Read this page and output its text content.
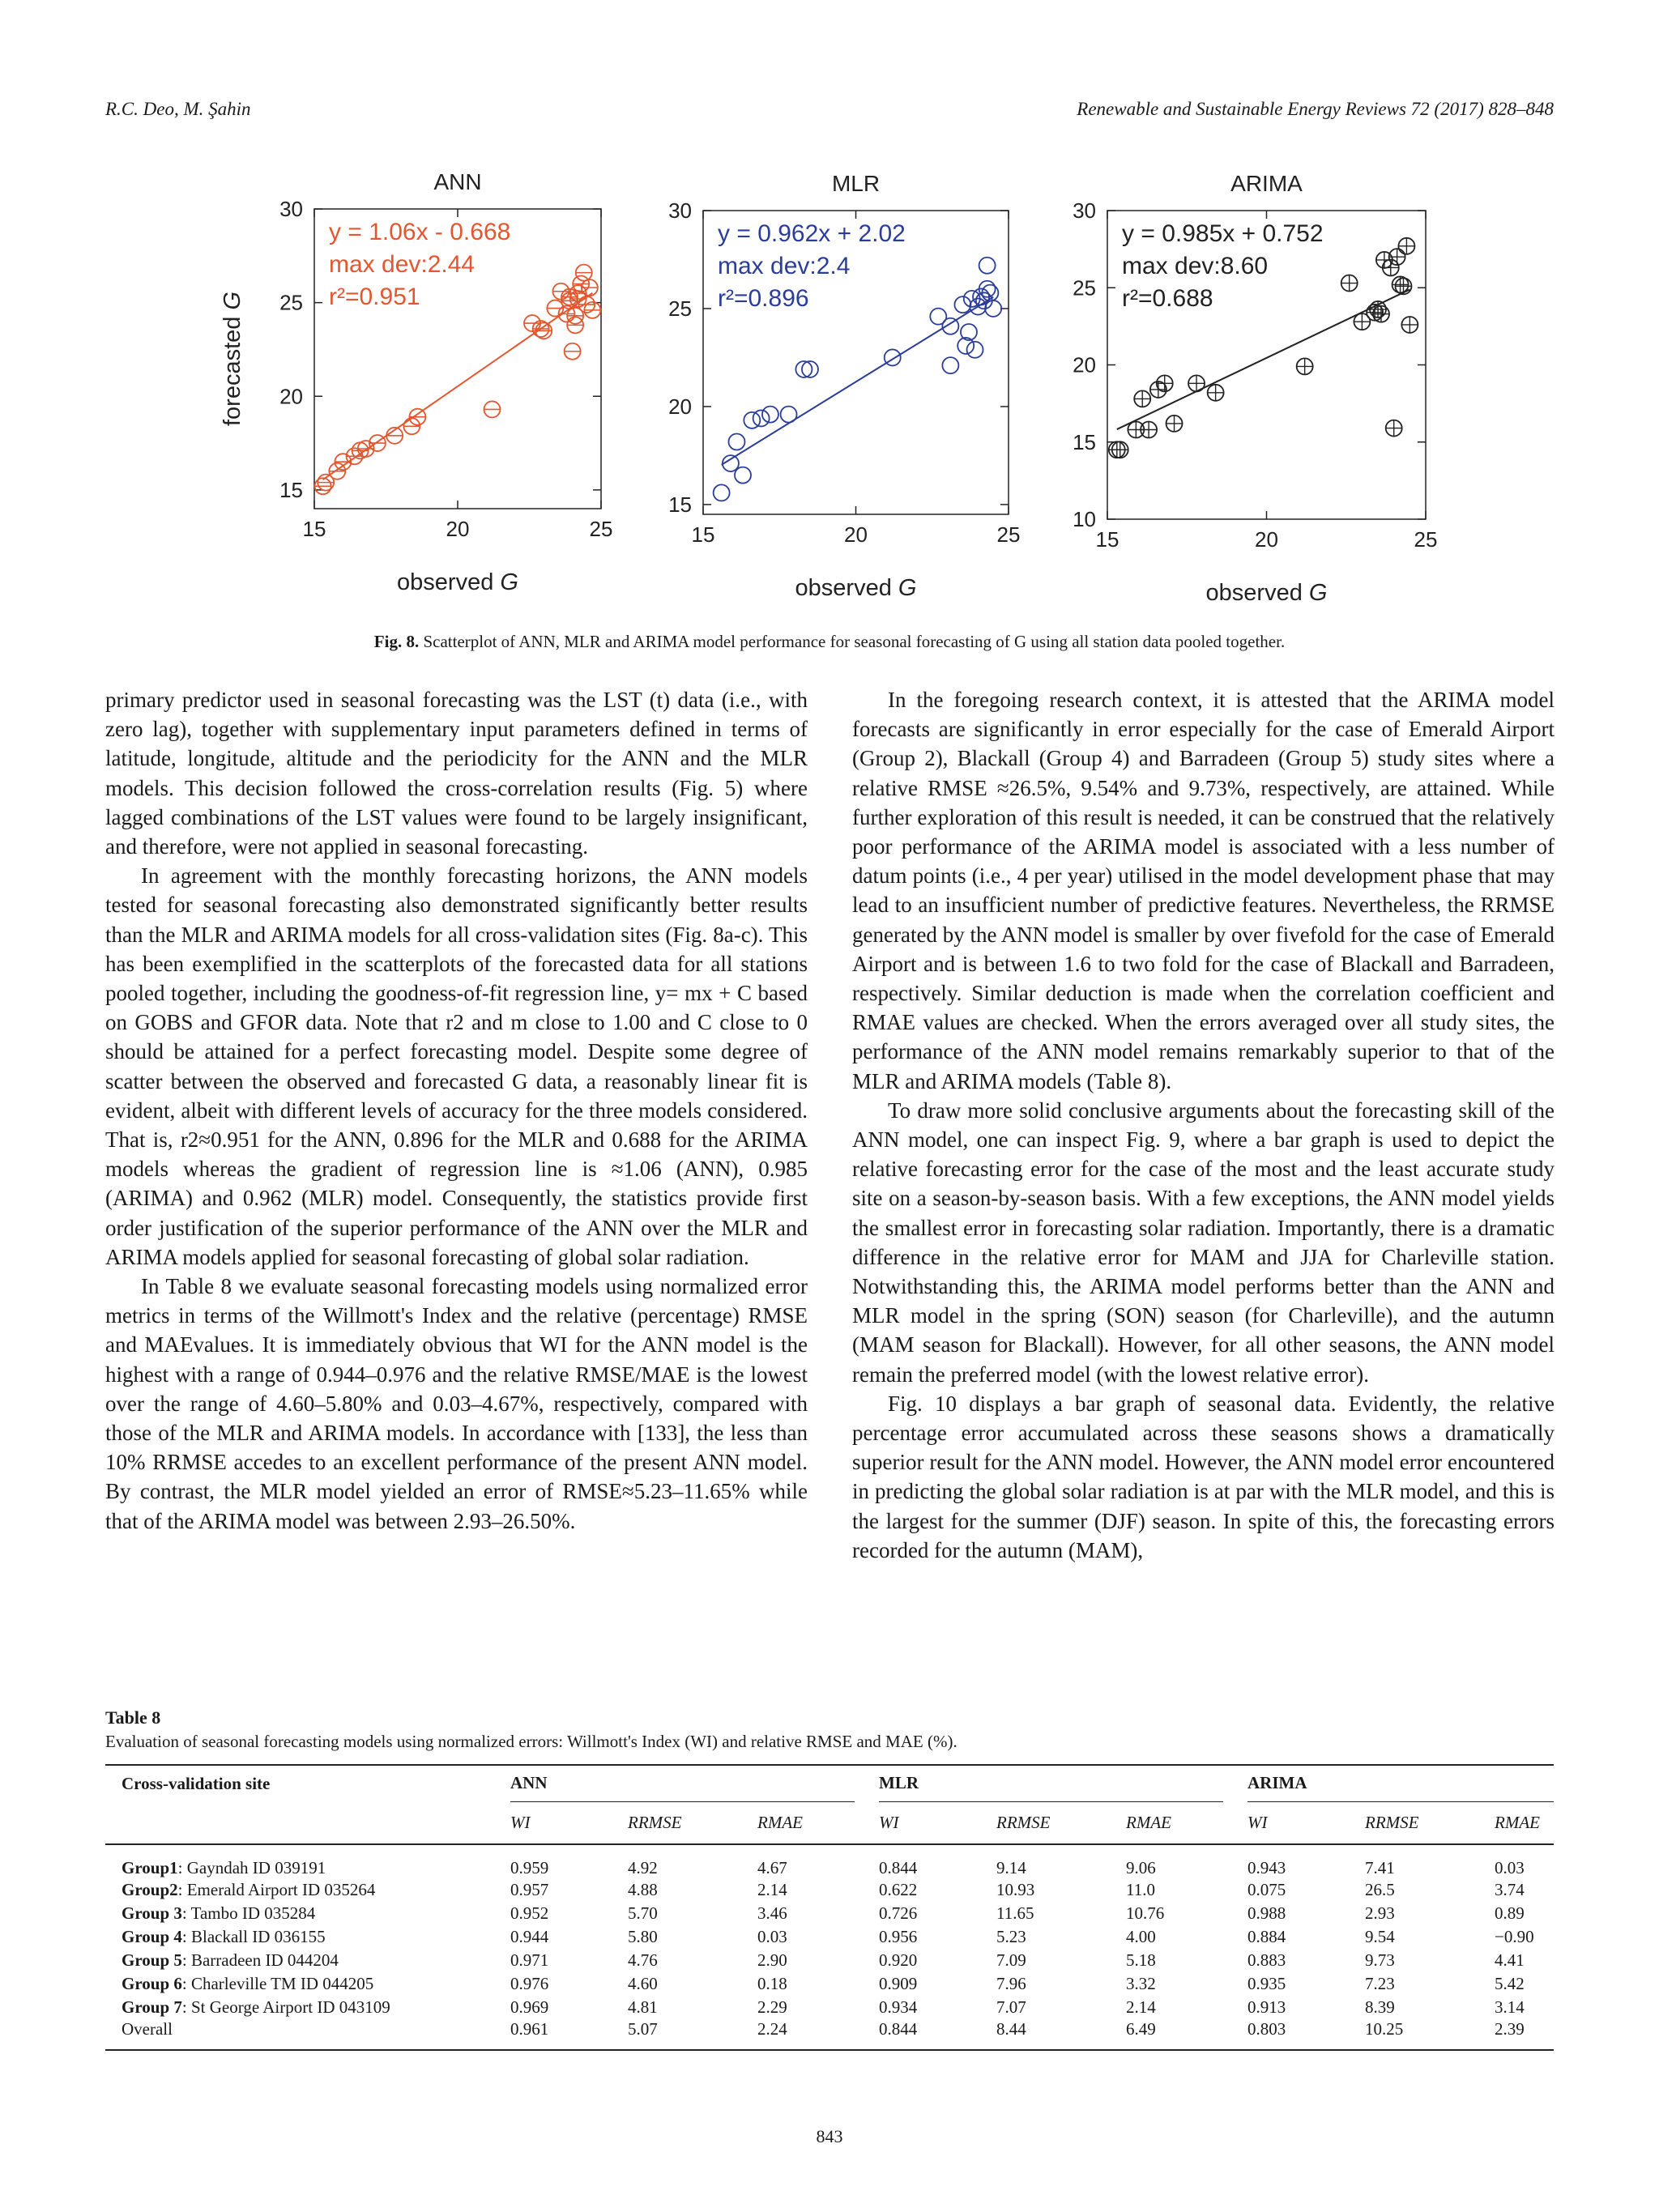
R.C. Deo, M. Şahin	Renewable and Sustainable Energy Reviews 72 (2017) 828–848
15	20	25
15
20
25
30
ANN
observed G
forecasted G
y = 1.06x - 0.668
max dev:2.44
r²=0.951
15	20	25
15
20
25
30
MLR
observed G
y = 0.962x + 2.02
max dev:2.4
r²=0.896
15	20	25
10
15
20
25
30
ARIMA
observed G
y = 0.985x + 0.752
max dev:8.60
r²=0.688
Fig. 8. Scatterplot of ANN, MLR and ARIMA model performance for seasonal forecasting of G using all station data pooled together.

primary predictor used in seasonal forecasting was the LST (t) data (i.e., with zero lag), together with supplementary input parameters defined in terms of latitude, longitude, altitude and the periodicity for the ANN and the MLR models. This decision followed the cross-correlation results (Fig. 5) where lagged combinations of the LST values were found to be largely insignificant, and therefore, were not applied in seasonal forecasting.

In agreement with the monthly forecasting horizons, the ANN models tested for seasonal forecasting also demonstrated significantly better results than the MLR and ARIMA models for all cross-validation sites (Fig. 8a-c). This has been exemplified in the scatterplots of the forecasted data for all stations pooled together, including the goodness-of-fit regression line, y= mx + C based on GOBS and GFOR data. Note that r2 and m close to 1.00 and C close to 0 should be attained for a perfect forecasting model. Despite some degree of scatter between the observed and forecasted G data, a reasonably linear fit is evident, albeit with different levels of accuracy for the three models considered. That is, r2≈0.951 for the ANN, 0.896 for the MLR and 0.688 for the ARIMA models whereas the gradient of regression line is ≈1.06 (ANN), 0.985 (ARIMA) and 0.962 (MLR) model. Consequently, the statistics provide first order justification of the superior performance of the ANN over the MLR and ARIMA models applied for seasonal forecasting of global solar radiation.

In Table 8 we evaluate seasonal forecasting models using normalized error metrics in terms of the Willmott's Index and the relative (percentage) RMSE and MAEvalues. It is immediately obvious that WI for the ANN model is the highest with a range of 0.944–0.976 and the relative RMSE/MAE is the lowest over the range of 4.60–5.80% and 0.03–4.67%, respectively, compared with those of the MLR and ARIMA models. In accordance with [133], the less than 10% RRMSE accedes to an excellent performance of the present ANN model. By contrast, the MLR model yielded an error of RMSE≈5.23–11.65% while that of the ARIMA model was between 2.93–26.50%.

In the foregoing research context, it is attested that the ARIMA model forecasts are significantly in error especially for the case of Emerald Airport (Group 2), Blackall (Group 4) and Barradeen (Group 5) study sites where a relative RMSE ≈26.5%, 9.54% and 9.73%, respectively, are attained. While further exploration of this result is needed, it can be construed that the relatively poor performance of the ARIMA model is associated with a less number of datum points (i.e., 4 per year) utilised in the model development phase that may lead to an insufficient number of predictive features. Nevertheless, the RRMSE generated by the ANN model is smaller by over fivefold for the case of Emerald Airport and is between 1.6 to two fold for the case of Blackall and Barradeen, respectively. Similar deduction is made when the correlation coefficient and RMAE values are checked. When the errors averaged over all study sites, the performance of the ANN model remains remarkably superior to that of the MLR and ARIMA models (Table 8).

To draw more solid conclusive arguments about the forecasting skill of the ANN model, one can inspect Fig. 9, where a bar graph is used to depict the relative forecasting error for the case of the most and the least accurate study site on a season-by-season basis. With a few exceptions, the ANN model yields the smallest error in forecasting solar radiation. Importantly, there is a dramatic difference in the relative error for MAM and JJA for Charleville station. Notwithstanding this, the ARIMA model performs better than the ANN and MLR model in the spring (SON) season (for Charleville), and the autumn (MAM season for Blackall). However, for all other seasons, the ANN model remain the preferred model (with the lowest relative error).

Fig. 10 displays a bar graph of seasonal data. Evidently, the relative percentage error accumulated across these seasons shows a dramatically superior result for the ANN model. However, the ANN model error encountered in predicting the global solar radiation is at par with the MLR model, and this is the largest for the summer (DJF) season. In spite of this, the forecasting errors recorded for the autumn (MAM),

Table 8
Evaluation of seasonal forecasting models using normalized errors: Willmott's Index (WI) and relative RMSE and MAE (%).
Cross-validation site	ANN			MLR			ARIMA		

	WI	RRMSE	RMAE	WI	RRMSE	RMAE	WI	RRMSE	RMAE
Group1: Gayndah ID 039191	0.959	4.92	4.67	0.844	9.14	9.06	0.943	7.41	0.03
Group2: Emerald Airport ID 035264	0.957	4.88	2.14	0.622	10.93	11.0	0.075	26.5	3.74
Group 3: Tambo ID 035284	0.952	5.70	3.46	0.726	11.65	10.76	0.988	2.93	0.89
Group 4: Blackall ID 036155	0.944	5.80	0.03	0.956	5.23	4.00	0.884	9.54	−0.90
Group 5: Barradeen ID 044204	0.971	4.76	2.90	0.920	7.09	5.18	0.883	9.73	4.41
Group 6: Charleville TM ID 044205	0.976	4.60	0.18	0.909	7.96	3.32	0.935	7.23	5.42
Group 7: St George Airport ID 043109	0.969	4.81	2.29	0.934	7.07	2.14	0.913	8.39	3.14
Overall	0.961	5.07	2.24	0.844	8.44	6.49	0.803	10.25	2.39
843
